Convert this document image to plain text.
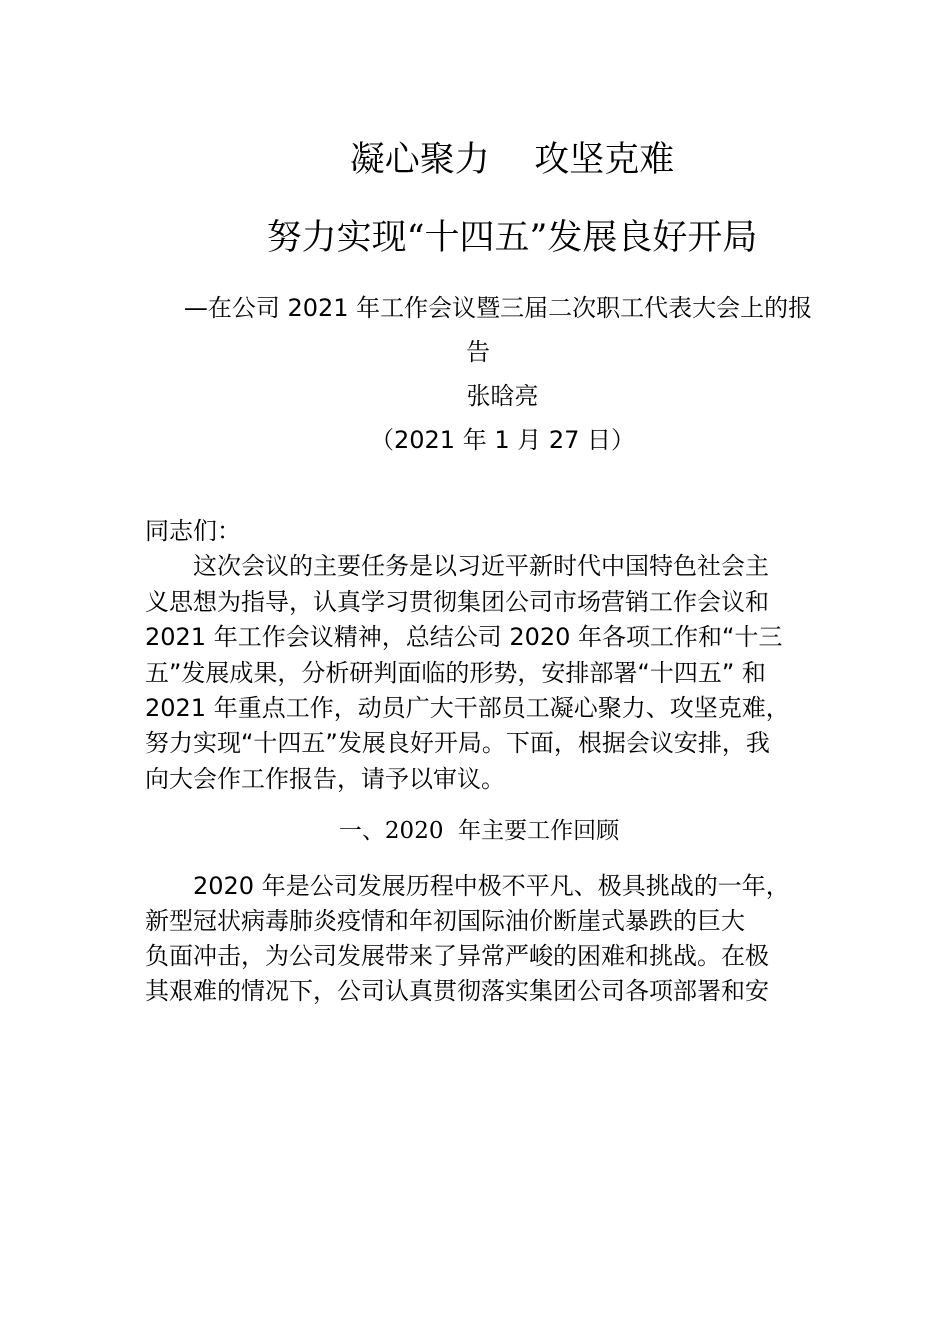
凝心聚力    攻坚克难
努力实现“十四五”发展良好开局
—在公司 2021 年工作会议暨三届二次职工代表大会上的报
告
张晗亮
（2021 年 1 月 27 日）
同志们：
这次会议的主要任务是以习近平新时代中国特色社会主
义思想为指导，认真学习贯彻集团公司市场营销工作会议和
2021 年工作会议精神，总结公司 2020 年各项工作和“十三
五”发展成果，分析研判面临的形势，安排部署“十四五” 和
2021 年重点工作，动员广大干部员工凝心聚力、攻坚克难，
努力实现“十四五”发展良好开局。下面，根据会议安排，我
向大会作工作报告，请予以审议。
一、2020  年主要工作回顾
2020 年是公司发展历程中极不平凡、极具挑战的一年，
新型冠状病毒肺炎疫情和年初国际油价断崖式暴跌的巨大
负面冲击，为公司发展带来了异常严峻的困难和挑战。在极
其艰难的情况下，公司认真贯彻落实集团公司各项部署和安
